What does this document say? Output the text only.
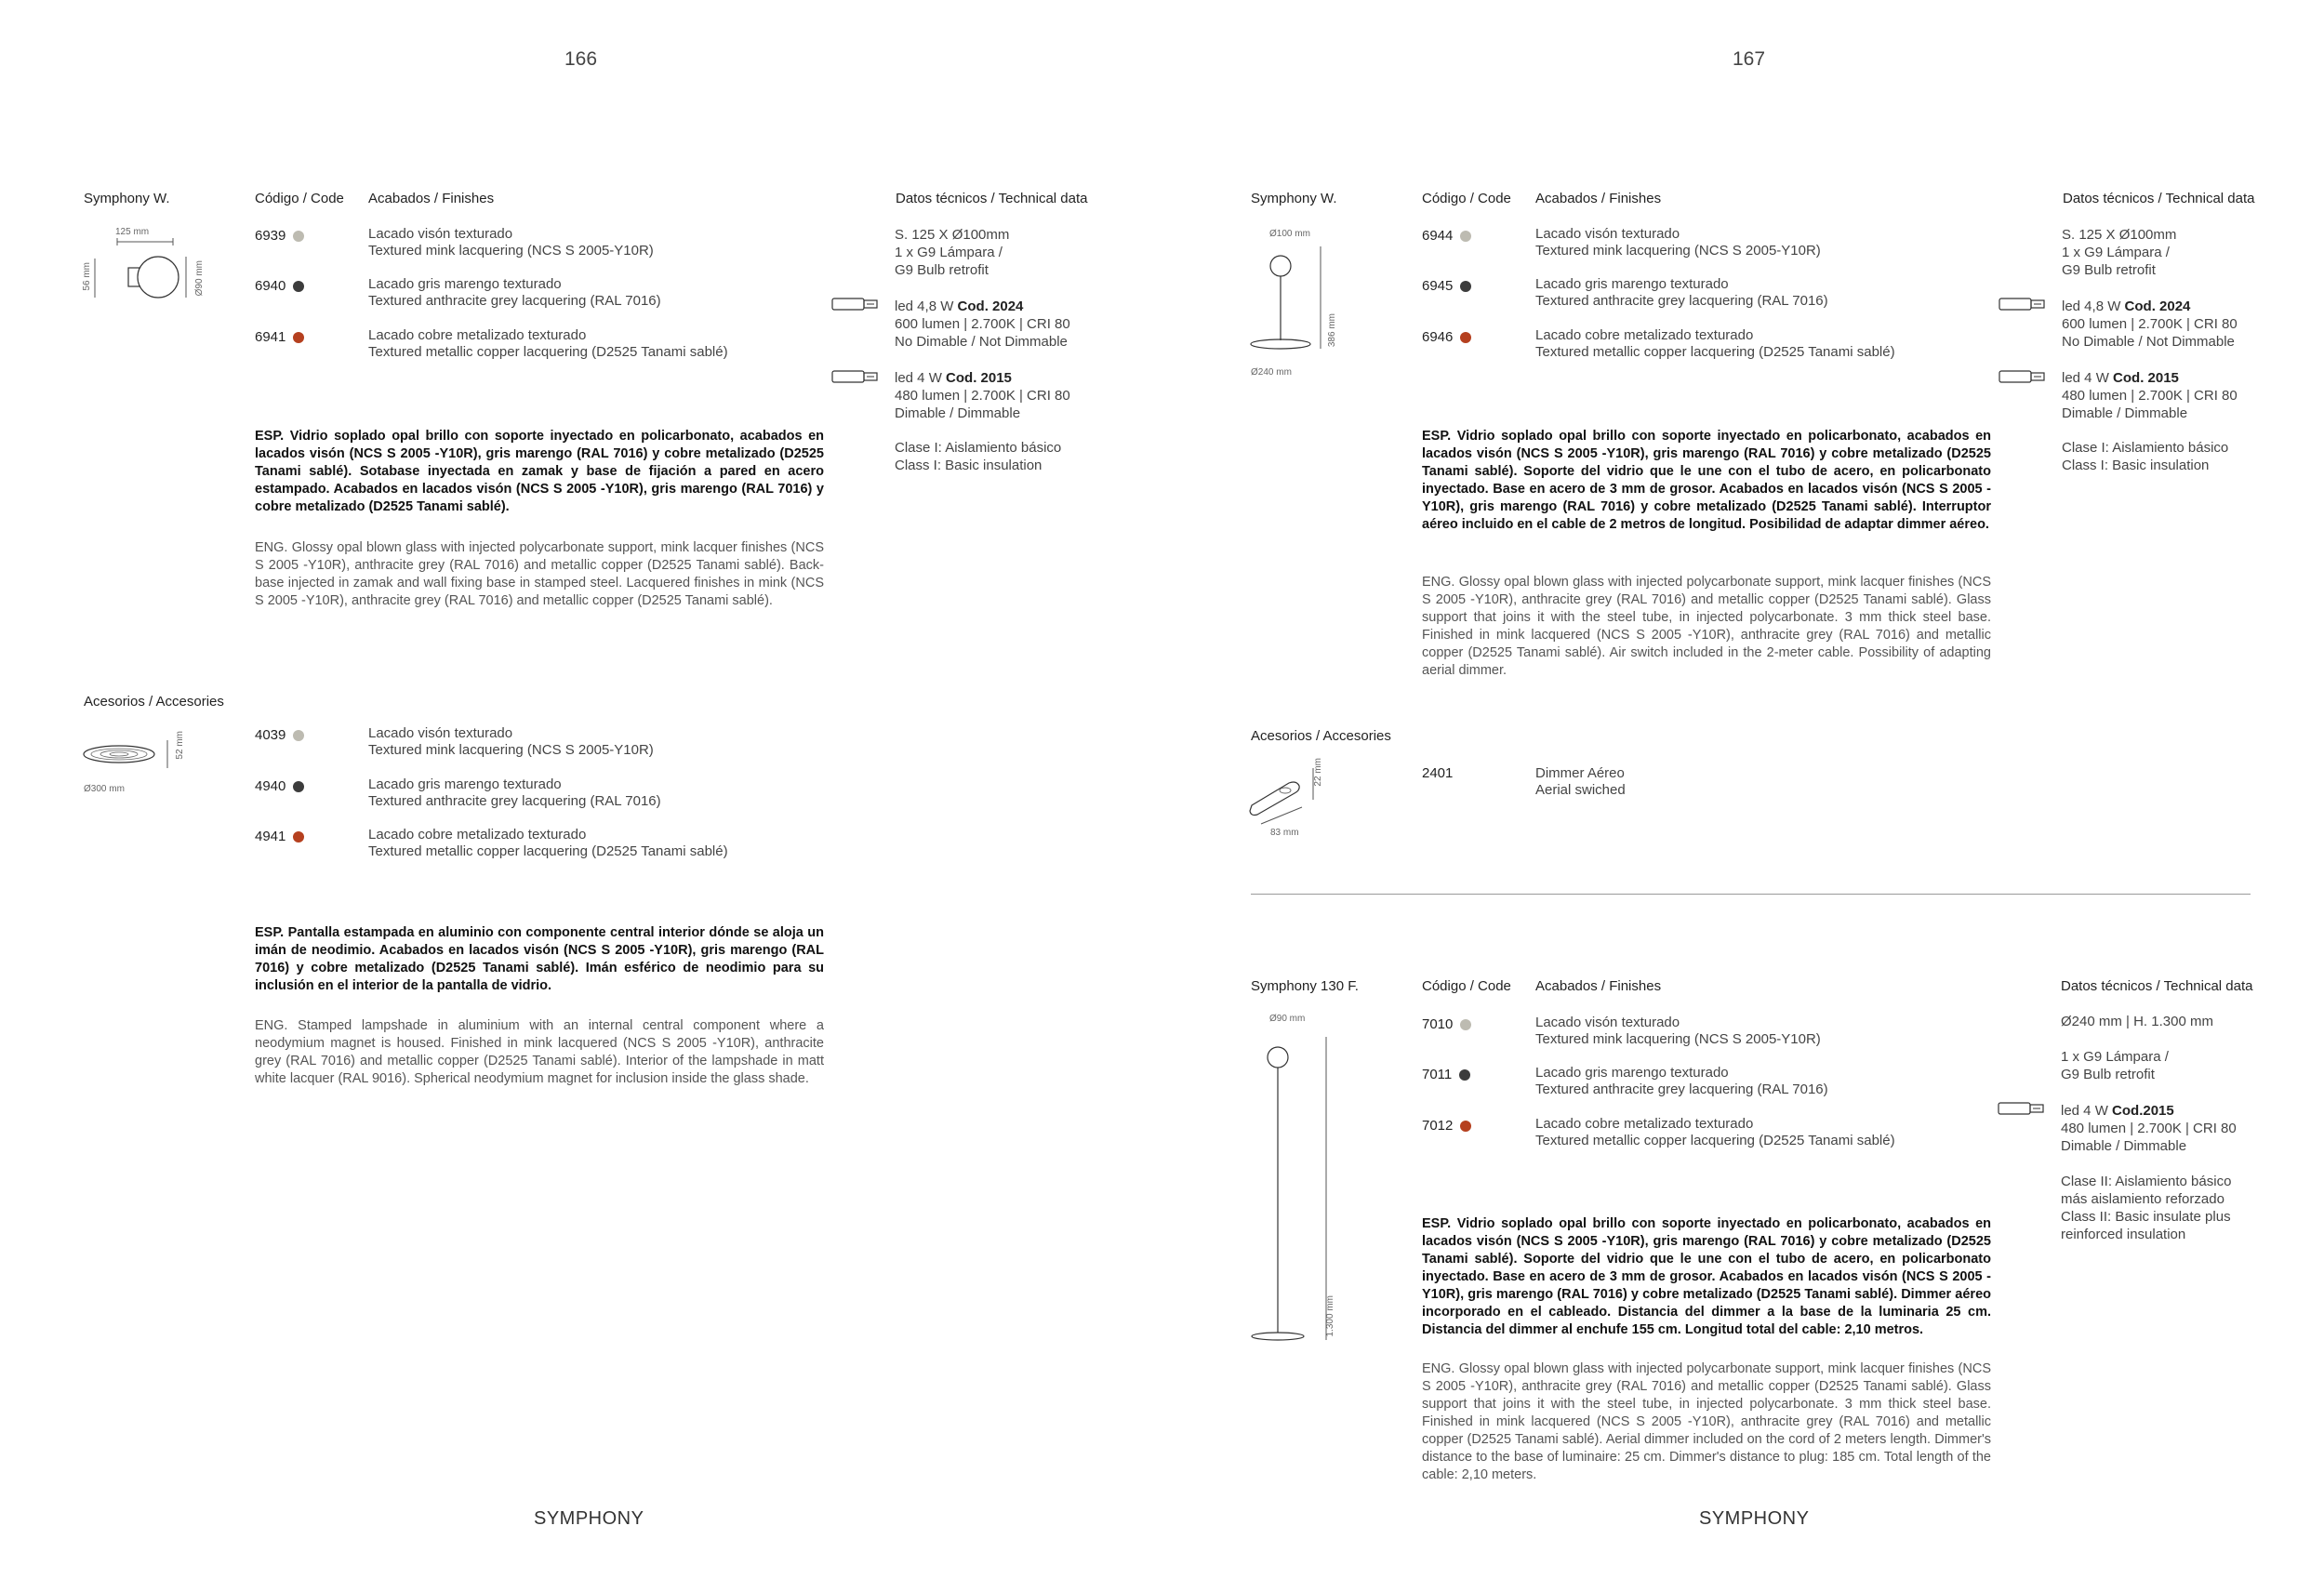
166	167
SYMPHONY	SYMPHONY
Symphony W.	Código / Code Acabados / Finishes	Datos técnicos / Technical data
125 mm
56 mm	Ø90 mm
6939	Lacado visón texturado
Textured mink lacquering (NCS S 2005-Y10R)
6940	Lacado gris marengo texturado
Textured anthracite grey lacquering (RAL 7016)
6941	Lacado cobre metalizado texturado
Textured metallic copper lacquering (D2525 Tanami sablé)
S. 125 X Ø100mm
1 x G9 Lámpara /
G9 Bulb retrofit
led 4,8 W Cod. 2024
600 lumen | 2.700K | CRI 80
No Dimable / Not Dimmable
led 4 W Cod. 2015
480 lumen | 2.700K | CRI 80
Dimable / Dimmable
Clase I: Aislamiento básico
Class I: Basic insulation
ESP. Vidrio soplado opal brillo con soporte inyectado en policarbonato, acabados en lacados visón (NCS S 2005 -Y10R), gris marengo (RAL 7016) y cobre metalizado (D2525 Tanami sablé). Sotabase inyectada en zamak y base de fijación a pared en acero estampado. Acabados en lacados visón (NCS S 2005 -Y10R), gris marengo (RAL 7016) y cobre metalizado (D2525 Tanami sablé).
ENG. Glossy opal blown glass with injected polycarbonate support, mink lacquer finishes (NCS S 2005 -Y10R), anthracite grey (RAL 7016) and metallic copper (D2525 Tanami sablé). Back-base injected in zamak and wall fixing base in stamped steel. Lacquered finishes in mink (NCS S 2005 -Y10R), anthracite grey (RAL 7016) and metallic copper (D2525 Tanami sablé).
Acesorios / Accesories
52 mm
Ø300 mm
4039	Lacado visón texturado
Textured mink lacquering (NCS S 2005-Y10R)
4940	Lacado gris marengo texturado
Textured anthracite grey lacquering (RAL 7016)
4941	Lacado cobre metalizado texturado
Textured metallic copper lacquering (D2525 Tanami sablé)
ESP. Pantalla estampada en aluminio con componente central interior dónde se aloja un imán de neodimio. Acabados en lacados visón (NCS S 2005 -Y10R), gris marengo (RAL 7016) y cobre metalizado (D2525 Tanami sablé). Imán esférico de neodimio para su inclusión en el interior de la pantalla de vidrio.
ENG. Stamped lampshade in aluminium with an internal central component where a neodymium magnet is housed. Finished in mink lacquered (NCS S 2005 -Y10R), anthracite grey (RAL 7016) and metallic copper (D2525 Tanami sablé). Interior of the lampshade in matt white lacquer (RAL 9016). Spherical neodymium magnet for inclusion inside the glass shade.
Symphony W.	Código / Code Acabados / Finishes	Datos técnicos / Technical data
Ø100 mm
386 mm
Ø240 mm
6944	Lacado visón texturado
Textured mink lacquering (NCS S 2005-Y10R)
6945	Lacado gris marengo texturado
Textured anthracite grey lacquering (RAL 7016)
6946	Lacado cobre metalizado texturado
Textured metallic copper lacquering (D2525 Tanami sablé)
S. 125 X Ø100mm
1 x G9 Lámpara /
G9 Bulb retrofit
led 4,8 W Cod. 2024
600 lumen | 2.700K | CRI 80
No Dimable / Not Dimmable
led 4 W Cod. 2015
480 lumen | 2.700K | CRI 80
Dimable / Dimmable
Clase I: Aislamiento básico
Class I: Basic insulation
ESP. Vidrio soplado opal brillo con soporte inyectado en policarbonato, acabados en lacados visón (NCS S 2005 -Y10R), gris marengo (RAL 7016) y cobre metalizado (D2525 Tanami sablé). Soporte del vidrio que le une con el tubo de acero, en policarbonato inyectado. Base en acero de 3 mm de grosor. Acabados en lacados visón (NCS S 2005 -Y10R), gris marengo (RAL 7016) y cobre metalizado (D2525 Tanami sablé). Interruptor aéreo incluido en el cable de 2 metros de longitud. Posibilidad de adaptar dimmer aéreo.
ENG. Glossy opal blown glass with injected polycarbonate support, mink lacquer finishes (NCS S 2005 -Y10R), anthracite grey (RAL 7016) and metallic copper (D2525 Tanami sablé). Glass support that joins it with the steel tube, in injected polycarbonate. 3 mm thick steel base. Finished in mink lacquered (NCS S 2005 -Y10R), anthracite grey (RAL 7016) and metallic copper (D2525 Tanami sablé). Air switch included in the 2-meter cable. Possibility of adapting aerial dimmer.
Acesorios / Accesories
22 mm
83 mm
2401	Dimmer Aéreo
Aerial swiched
Symphony 130 F.	Código / Code Acabados / Finishes	Datos técnicos / Technical data
Ø90 mm
1.300 mm
7010	Lacado visón texturado
Textured mink lacquering (NCS S 2005-Y10R)
7011	Lacado gris marengo texturado
Textured anthracite grey lacquering (RAL 7016)
7012	Lacado cobre metalizado texturado
Textured metallic copper lacquering (D2525 Tanami sablé)
Ø240 mm | H. 1.300 mm
1 x G9 Lámpara /
G9 Bulb retrofit
led 4 W Cod.2015
480 lumen | 2.700K | CRI 80
Dimable / Dimmable
Clase II: Aislamiento básico
más aislamiento reforzado
Class II: Basic insulate plus
reinforced insulation
ESP. Vidrio soplado opal brillo con soporte inyectado en policarbonato, acabados en lacados visón (NCS S 2005 -Y10R), gris marengo (RAL 7016) y cobre metalizado (D2525 Tanami sablé). Soporte del vidrio que le une con el tubo de acero, en policarbonato inyectado. Base en acero de 3 mm de grosor. Acabados en lacados visón (NCS S 2005 -Y10R), gris marengo (RAL 7016) y cobre metalizado (D2525 Tanami sablé). Dimmer aéreo incorporado en el cableado. Distancia del dimmer a la base de la luminaria 25 cm. Distancia del dimmer al enchufe 155 cm. Longitud total del cable: 2,10 metros.
ENG. Glossy opal blown glass with injected polycarbonate support, mink lacquer finishes (NCS S 2005 -Y10R), anthracite grey (RAL 7016) and metallic copper (D2525 Tanami sablé). Glass support that joins it with the steel tube, in injected polycarbonate. 3 mm thick steel base. Finished in mink lacquered (NCS S 2005 -Y10R), anthracite grey (RAL 7016) and metallic copper (D2525 Tanami sablé). Aerial dimmer included on the cord of 2 meters length. Dimmer's distance to the base of luminaire: 25 cm. Dimmer's distance to plug: 185 cm. Total length of the cable: 2,10 meters.
